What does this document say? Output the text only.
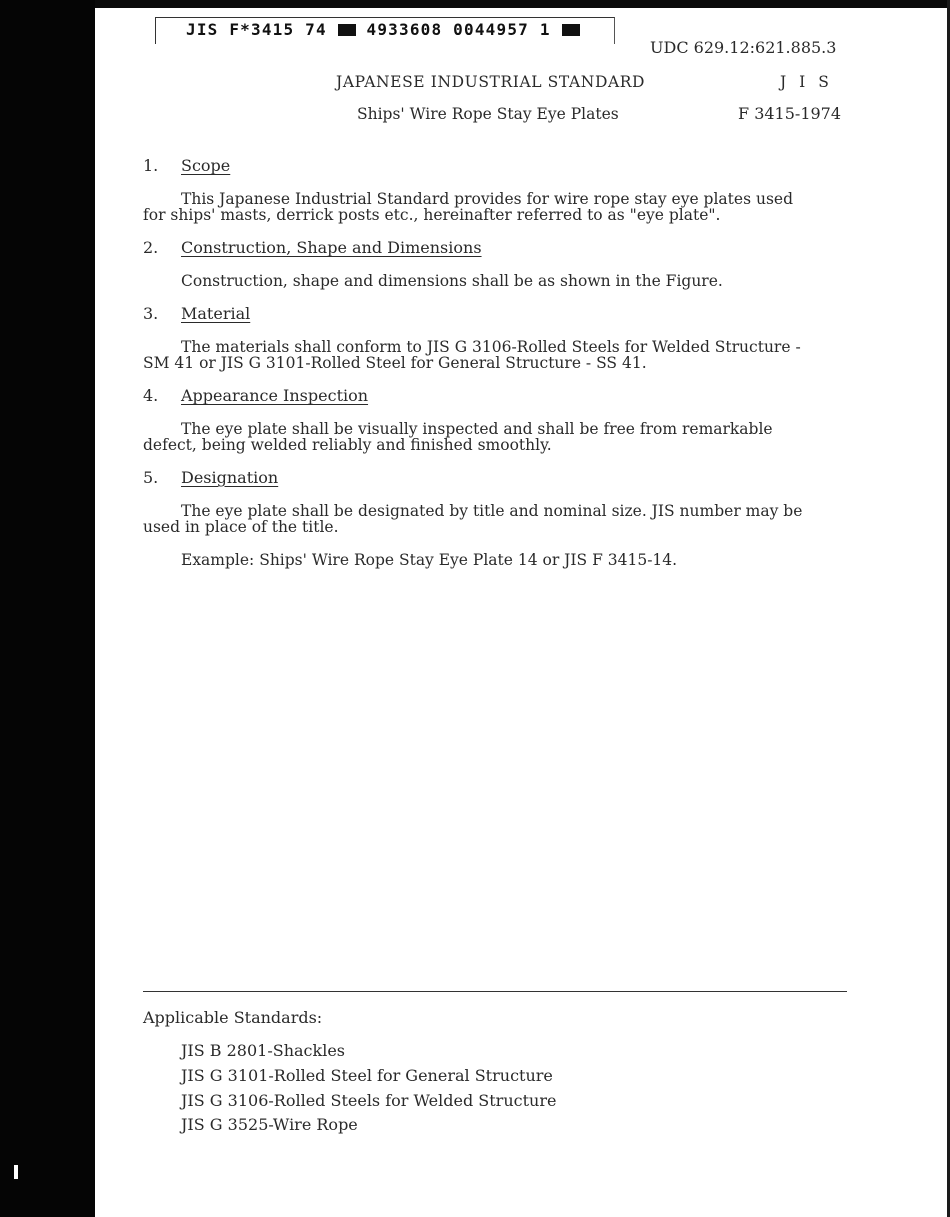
JIS F*3415 74 4933608 0044957 1
UDC 629.12:621.885.3
JAPANESE INDUSTRIAL STANDARD	J I S
Ships' Wire Rope Stay Eye Plates	F 3415-1974
1. Scope
This Japanese Industrial Standard provides for wire rope stay eye plates used
for ships' masts, derrick posts etc., hereinafter referred to as "eye plate".
2. Construction, Shape and Dimensions
Construction, shape and dimensions shall be as shown in the Figure.
3. Material
The materials shall conform to JIS G 3106-Rolled Steels for Welded Structure -
SM 41 or JIS G 3101-Rolled Steel for General Structure - SS 41.
4. Appearance Inspection
The eye plate shall be visually inspected and shall be free from remarkable
defect, being welded reliably and finished smoothly.
5. Designation
The eye plate shall be designated by title and nominal size. JIS number may be
used in place of the title.
Example: Ships' Wire Rope Stay Eye Plate 14 or JIS F 3415-14.
Applicable Standards:
JIS B 2801-Shackles
JIS G 3101-Rolled Steel for General Structure
JIS G 3106-Rolled Steels for Welded Structure
JIS G 3525-Wire Rope
